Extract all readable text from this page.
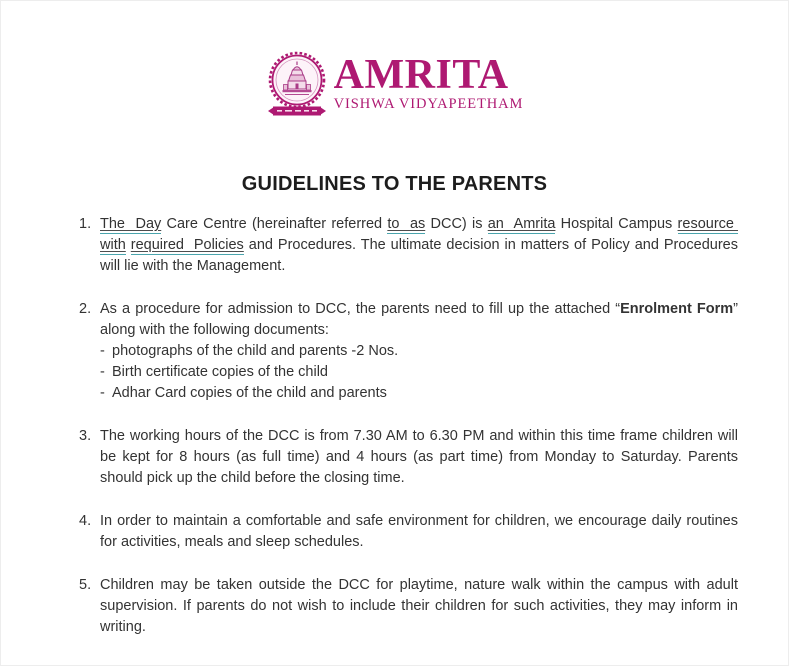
AMRITA
VISHWA VIDYAPEETHAM
GUIDELINES TO THE PARENTS
1. The  Day Care Centre (hereinafter referred to  as DCC) is an  Amrita Hospital Campus resource  with required  Policies and Procedures. The ultimate decision in matters of Policy and Procedures will lie with the Management.
2. As a procedure for admission to DCC, the parents need to fill up the attached “Enrolment Form” along with the following documents:
- photographs of the child and parents -2 Nos.
- Birth certificate copies of the child
- Adhar Card copies of the child and parents
3. The working hours of the DCC is from 7.30 AM to 6.30 PM and within this time frame children will be kept for 8 hours (as full time) and 4 hours (as part time) from Monday to Saturday. Parents should pick up the child before the closing time.
4. In order to maintain a comfortable and safe environment for children, we encourage daily routines for activities, meals and sleep schedules.
5. Children may be taken outside the DCC for playtime, nature walk within the campus with adult supervision. If parents do not wish to include their children for such activities, they may inform in writing.
